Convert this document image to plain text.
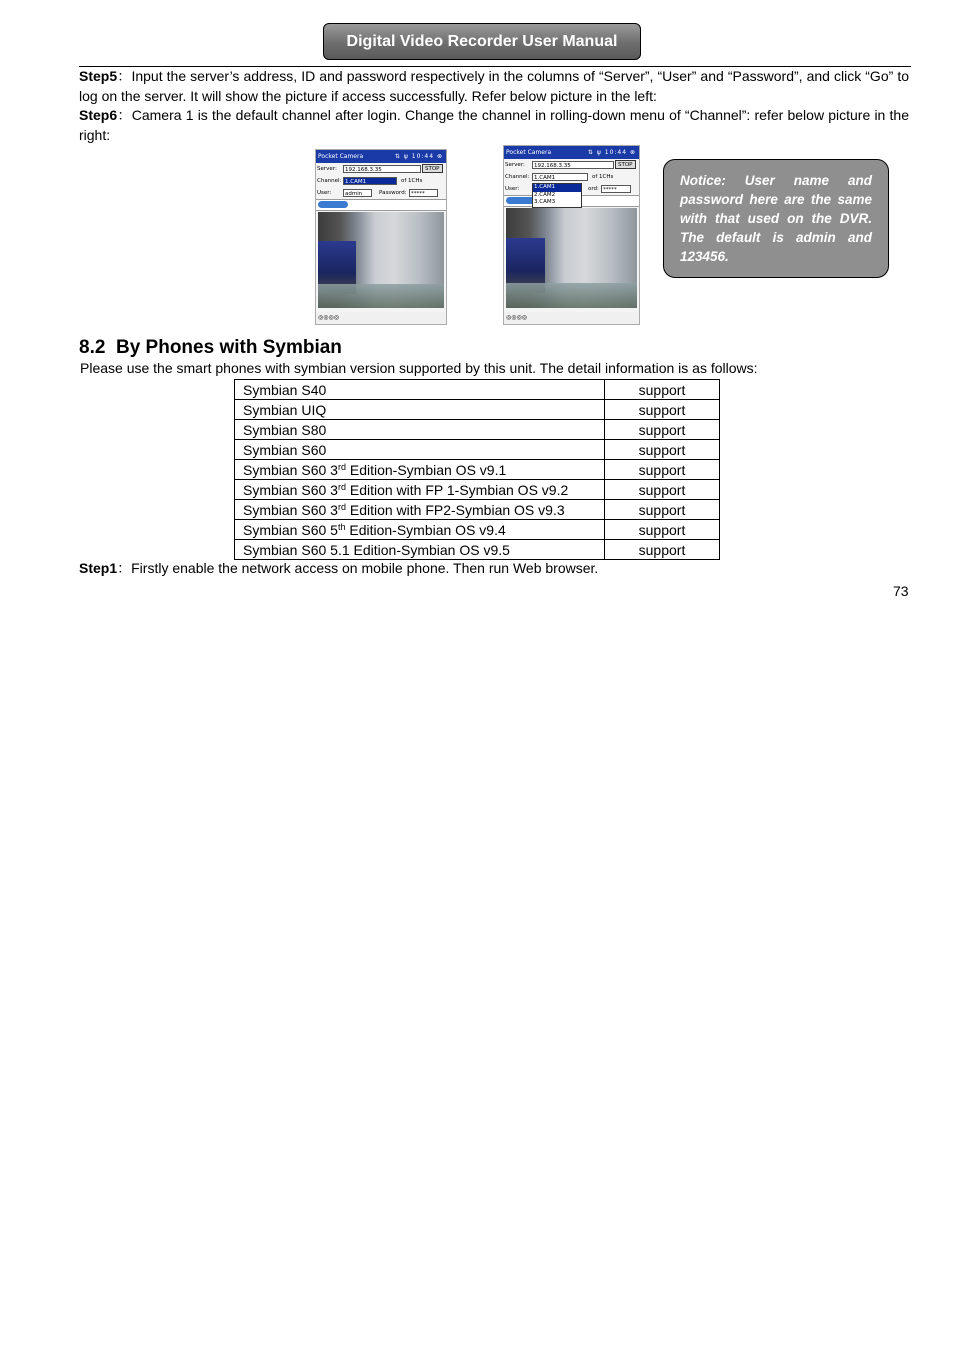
Digital Video Recorder User Manual
Step5：Input the server’s address, ID and password respectively in the columns of “Server”, “User” and “Password”, and click “Go” to log on the server. It will show the picture if access successfully. Refer below picture in the left:
Step6：Camera 1 is the default channel after login. Change the channel in rolling-down menu of “Channel”: refer below picture in the right:
Pocket Camera	⇅ ψ 10:44 ⊗
Server:	192.168.3.35	STOP
Channel: 1.CAM1	of 1CHs
User:	admin	Password: *****
◎◎◎◎
Pocket Camera	⇅ ψ 10:44 ⊗
Server:	192.168.3.35	STOP
Channel: 1.CAM1	of 1CHs
User:	ord: *****
1.CAM1
2.CAM2
3.CAM3
◎◎◎◎
Notice: User name and password here are the same with that used on the DVR. The default is admin and 123456.
8.2 By Phones with Symbian
Please use the smart phones with symbian version supported by this unit. The detail information is as follows:
Symbian S40	support
Symbian UIQ	support
Symbian S80	support
Symbian S60	support
Symbian S60 3rd Edition-Symbian OS v9.1	support
Symbian S60 3rd Edition with FP 1-Symbian OS v9.2	support
Symbian S60 3rd Edition with FP2-Symbian OS v9.3	support
Symbian S60 5th Edition-Symbian OS v9.4	support
Symbian S60 5.1 Edition-Symbian OS v9.5	support
Step1：Firstly enable the network access on mobile phone. Then run Web browser.
73
